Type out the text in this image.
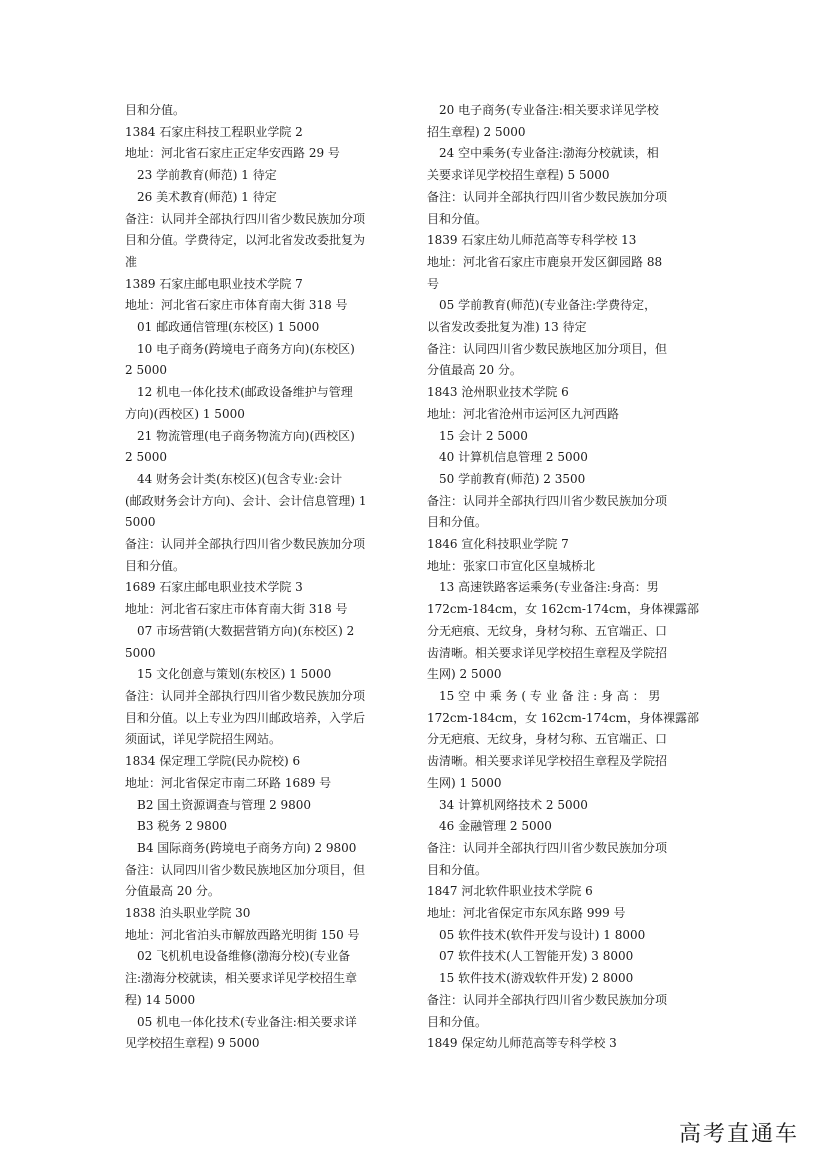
目和分值。
1384 石家庄科技工程职业学院 2
地址：河北省石家庄正定华安西路 29 号
23 学前教育(师范) 1 待定
26 美术教育(师范) 1 待定
备注：认同并全部执行四川省少数民族加分项
目和分值。学费待定，以河北省发改委批复为
准
1389 石家庄邮电职业技术学院 7
地址：河北省石家庄市体育南大街 318 号
01 邮政通信管理(东校区) 1 5000
10 电子商务(跨境电子商务方向)(东校区)
2 5000
12 机电一体化技术(邮政设备维护与管理
方向)(西校区) 1 5000
21 物流管理(电子商务物流方向)(西校区)
2 5000
44 财务会计类(东校区)(包含专业:会计
(邮政财务会计方向)、会计、会计信息管理) 1
5000
备注：认同并全部执行四川省少数民族加分项
目和分值。
1689 石家庄邮电职业技术学院 3
地址：河北省石家庄市体育南大街 318 号
07 市场营销(大数据营销方向)(东校区) 2
5000
15 文化创意与策划(东校区) 1 5000
备注：认同并全部执行四川省少数民族加分项
目和分值。以上专业为四川邮政培养，入学后
须面试，详见学院招生网站。
1834 保定理工学院(民办院校) 6
地址：河北省保定市南二环路 1689 号
B2 国土资源调查与管理 2 9800
B3 税务 2 9800
B4 国际商务(跨境电子商务方向) 2 9800
备注：认同四川省少数民族地区加分项目，但
分值最高 20 分。
1838 泊头职业学院 30
地址：河北省泊头市解放西路光明街 150 号
02 飞机机电设备维修(渤海分校)(专业备
注:渤海分校就读，相关要求详见学校招生章
程) 14 5000
05 机电一体化技术(专业备注:相关要求详
见学校招生章程) 9 5000
20 电子商务(专业备注:相关要求详见学校
招生章程) 2 5000
24 空中乘务(专业备注:渤海分校就读，相
关要求详见学校招生章程) 5 5000
备注：认同并全部执行四川省少数民族加分项
目和分值。
1839 石家庄幼儿师范高等专科学校 13
地址：河北省石家庄市鹿泉开发区御园路 88
号
05 学前教育(师范)(专业备注:学费待定，
以省发改委批复为准) 13 待定
备注：认同四川省少数民族地区加分项目，但
分值最高 20 分。
1843 沧州职业技术学院 6
地址：河北省沧州市运河区九河西路
15 会计 2 5000
40 计算机信息管理 2 5000
50 学前教育(师范) 2 3500
备注：认同并全部执行四川省少数民族加分项
目和分值。
1846 宣化科技职业学院 7
地址：张家口市宣化区皇城桥北
13 高速铁路客运乘务(专业备注:身高：男
172cm-184cm，女 162cm-174cm，身体裸露部
分无疤痕、无纹身，身材匀称、五官端正、口
齿清晰。相关要求详见学校招生章程及学院招
生网) 2 5000
15 空 中 乘 务 ( 专 业 备 注 : 身 高 ： 男
172cm-184cm，女 162cm-174cm，身体裸露部
分无疤痕、无纹身，身材匀称、五官端正、口
齿清晰。相关要求详见学校招生章程及学院招
生网) 1 5000
34 计算机网络技术 2 5000
46 金融管理 2 5000
备注：认同并全部执行四川省少数民族加分项
目和分值。
1847 河北软件职业技术学院 6
地址：河北省保定市东风东路 999 号
05 软件技术(软件开发与设计) 1 8000
07 软件技术(人工智能开发) 3 8000
15 软件技术(游戏软件开发) 2 8000
备注：认同并全部执行四川省少数民族加分项
目和分值。
1849 保定幼儿师范高等专科学校 3
高考直通车
